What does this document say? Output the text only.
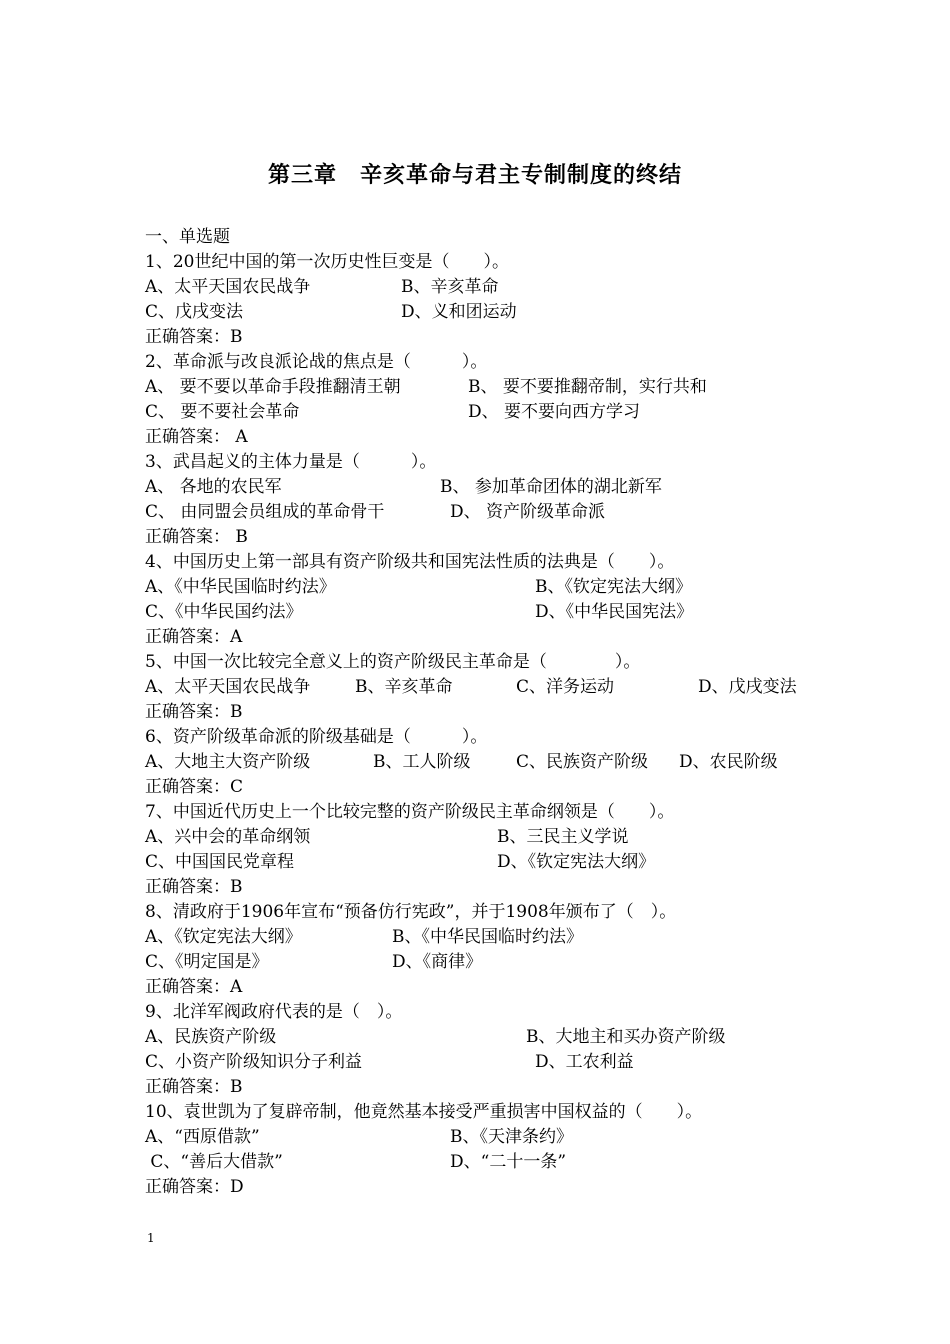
第三章　辛亥革命与君主专制制度的终结
一、单选题
1、20世纪中国的第一次历史性巨变是（　　）。

A、太平天国农民战争

	B、辛亥革命

C、戊戌变法

	D、义和团运动

正确答案：B
2、革命派与改良派论战的焦点是（　　　）。

A、 要不要以革命手段推翻清王朝

	B、 要不要推翻帝制，实行共和

C、 要不要社会革命

	D、 要不要向西方学习

正确答案： A
3、武昌起义的主体力量是（　　　）。

A、 各地的农民军

	B、 参加革命团体的湖北新军

C、 由同盟会员组成的革命骨干

	D、 资产阶级革命派

正确答案： B
4、中国历史上第一部具有资产阶级共和国宪法性质的法典是（　　）。

A、《中华民国临时约法》

	B、《钦定宪法大纲》

C、《中华民国约法》

	D、《中华民国宪法》

正确答案：A
5、中国一次比较完全意义上的资产阶级民主革命是（　　　　）。

A、太平天国农民战争

	B、辛亥革命

	C、洋务运动

	D、戊戌变法

正确答案：B
6、资产阶级革命派的阶级基础是（　　　）。

A、大地主大资产阶级

	B、工人阶级

	C、民族资产阶级

D、农民阶级

正确答案：C
7、中国近代历史上一个比较完整的资产阶级民主革命纲领是（　　）。

A、兴中会的革命纲领

	B、三民主义学说

C、中国国民党章程

	D、《钦定宪法大纲》

正确答案：B
8、清政府于1906年宣布“预备仿行宪政”，并于1908年颁布了（　）。

A、《钦定宪法大纲》

	B、《中华民国临时约法》

C、《明定国是》

	D、《商律》

正确答案：A
9、北洋军阀政府代表的是（　）。

A、民族资产阶级

	B、大地主和买办资产阶级

C、小资产阶级知识分子利益

	D、工农利益

正确答案：B
10、袁世凯为了复辟帝制，他竟然基本接受严重损害中国权益的（　　）。

A、“西原借款”

	B、《天津条约》

C、“善后大借款”

	D、“二十一条”

正确答案：D
1
